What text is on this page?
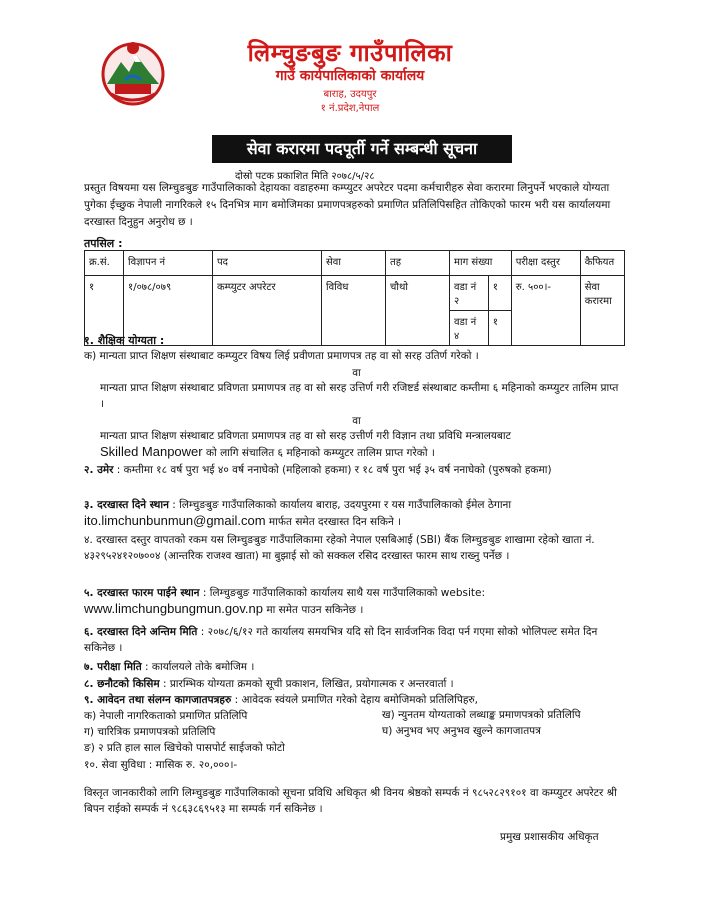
लिम्चुङबुङ गाउँपालिका
गाउँ कार्यपालिकाको कार्यालय
बाराह, उदयपुर
१ नं.प्रदेश,नेपाल
सेवा करारमा पदपूर्ती गर्ने सम्बन्धी सूचना
दोस्रो पटक प्रकाशित मिति २०७८/५/२८
प्रस्तुत विषयमा यस लिम्चुङबुङ गाउँपालिकाको देहायका वडाहरुमा कम्प्युटर अपरेटर पदमा कर्मचारीहरु सेवा करारमा लिनुपर्ने भएकाले योग्यता पुगेका ईच्छुक नेपाली नागरिकले १५ दिनभित्र माग बमोजिमका प्रमाणपत्रहरुको प्रमाणित प्रतिलिपिसहित तोकिएको फारम भरी यस कार्यालयमा दरखास्त दिनुहुन अनुरोध छ ।
तपसिल :
क्र.सं.	विज्ञापन नं	पद	सेवा	तह	माग संख्या		परीक्षा दस्तुर	कैफियत
१	१/०७८/०७९	कम्प्युटर अपरेटर	विविध	चौथो	वडा नं २	१	रु. ५००।-	सेवा करारमा
					वडा नं ४	१		
१. शैक्षिक योग्यता :
क) मान्यता प्राप्त शिक्षण संस्थाबाट कम्प्युटर विषय लिई प्रवीणता प्रमाणपत्र तह वा सो सरह उतिर्ण गरेको ।
वा
मान्यता प्राप्त शिक्षण संस्थाबाट प्रविणता प्रमाणपत्र तह वा सो सरह उत्तिर्ण गरी रजिष्टर्ड संस्थाबाट कम्तीमा ६ महिनाको कम्प्युटर तालिम प्राप्त ।
वा
मान्यता प्राप्त शिक्षण संस्थाबाट प्रविणता प्रमाणपत्र तह वा सो सरह उत्तीर्ण गरी विज्ञान तथा प्रविधि मन्त्रालयबाट
Skilled Manpower को लागि संचालित ६ महिनाको कम्प्युटर तालिम प्राप्त गरेको ।
२. उमेर : कम्तीमा १८ वर्ष पुरा भई ४० वर्ष ननाघेको (महिलाको हकमा) र १८ वर्ष पुरा भई ३५ वर्ष ननाघेको (पुरुषको हकमा)
३. दरखास्त दिने स्थान : लिम्चुङबुङ गाउँपालिकाको कार्यालय बाराह, उदयपुरमा र यस गाउँपालिकाको ईमेल ठेगाना
ito.limchunbunmun@gmail.com मार्फत समेत दरखास्त दिन सकिने ।
४. दरखास्त दस्तुर वापतको रकम यस लिम्चुङबुङ गाउँपालिकामा रहेको नेपाल एसबिआई (SBI) बैंक लिम्चुङबुङ शाखामा रहेको खाता नं. ४३२९५२४१२०७००४ (आन्तरिक राजश्व खाता) मा बुझाई सो को सक्कल रसिद दरखास्त फारम साथ राख्नु पर्नेछ ।
५. दरखास्त फारम पाईने स्थान : लिम्चुङबुङ गाउँपालिकाको कार्यालय साथै यस गाउँपालिकाको website:
www.limchungbungmun.gov.np मा समेत पाउन सकिनेछ ।
६. दरखास्त दिने अन्तिम मिति : २०७८/६/१२ गते कार्यालय समयभित्र यदि सो दिन सार्वजनिक विदा पर्न गएमा सोको भोलिपल्ट समेत दिन सकिनेछ ।
७. परीक्षा मिति : कार्यालयले तोके बमोजिम ।
८. छनौटको किसिम : प्रारम्भिक योग्यता क्रमको सूची प्रकाशन, लिखित, प्रयोगात्मक र अन्तरवार्ता ।
९. आवेदन तथा संलग्न कागजातपत्रहरु : आवेदक स्वंयले प्रमाणित गरेको देहाय बमोजिमको प्रतिलिपिहरु,
क) नेपाली नागरिकताको प्रमाणित प्रतिलिपि	ख) न्युनतम योग्यताको लब्धाङ्क प्रमाणपत्रको प्रतिलिपि
ग) चारित्रिक प्रमाणपत्रको प्रतिलिपि	घ) अनुभव भए अनुभव खुल्ने कागजातपत्र
ङ) २ प्रति हाल साल खिचेको पासपोर्ट साईजको फोटो
१०. सेवा सुविधा : मासिक रु. २०,०००।-
विस्तृत जानकारीको लागि लिम्चुङबुङ गाउँपालिकाको सूचना प्रविधि अधिकृत श्री विनय श्रेष्ठको सम्पर्क नं ९८५२८२९१०१ वा कम्प्युटर अपरेटर श्री बिपन राईको सम्पर्क नं ९८६३८६९५१३ मा सम्पर्क गर्न सकिनेछ ।
प्रमुख प्रशासकीय अधिकृत
